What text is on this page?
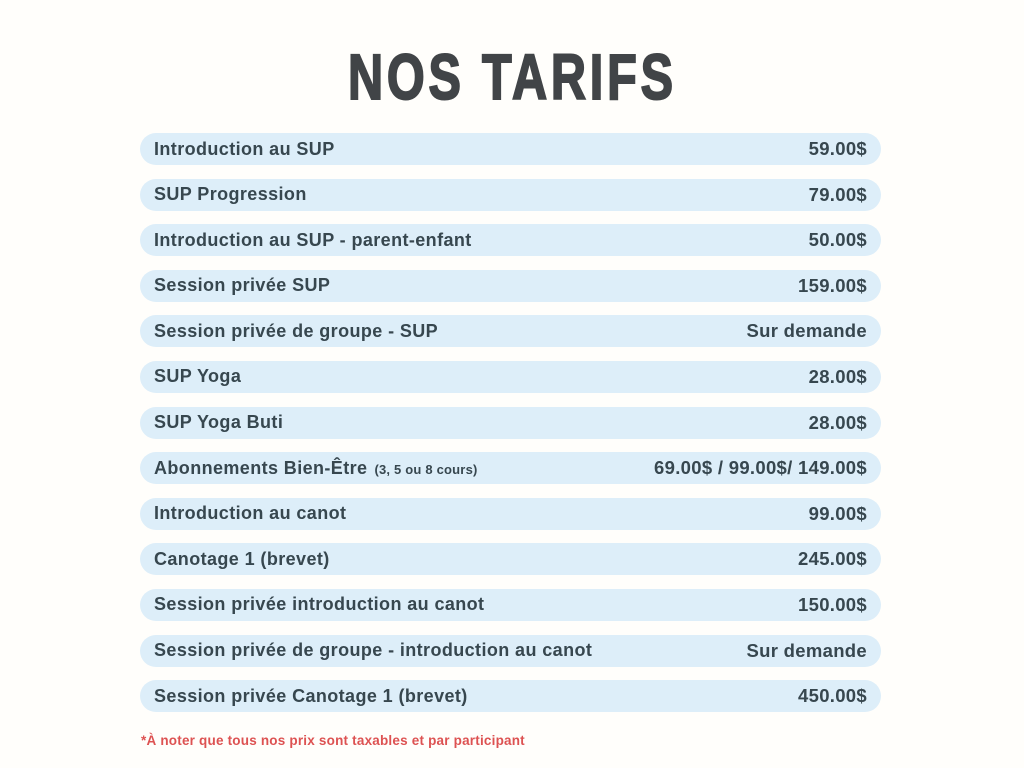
NOS TARIFS
Introduction au SUP	59.00$
SUP Progression	79.00$
Introduction au SUP - parent-enfant	50.00$
Session privée SUP	159.00$
Session privée de groupe - SUP	Sur demande
SUP Yoga	28.00$
SUP Yoga Buti	28.00$
Abonnements Bien-Être (3, 5 ou 8 cours)	69.00$ / 99.00$/ 149.00$
Introduction au canot	99.00$
Canotage 1 (brevet)	245.00$
Session privée introduction au canot	150.00$
Session privée de groupe - introduction au canot	Sur demande
Session privée Canotage 1 (brevet)	450.00$

*À noter que tous nos prix sont taxables et par participant
